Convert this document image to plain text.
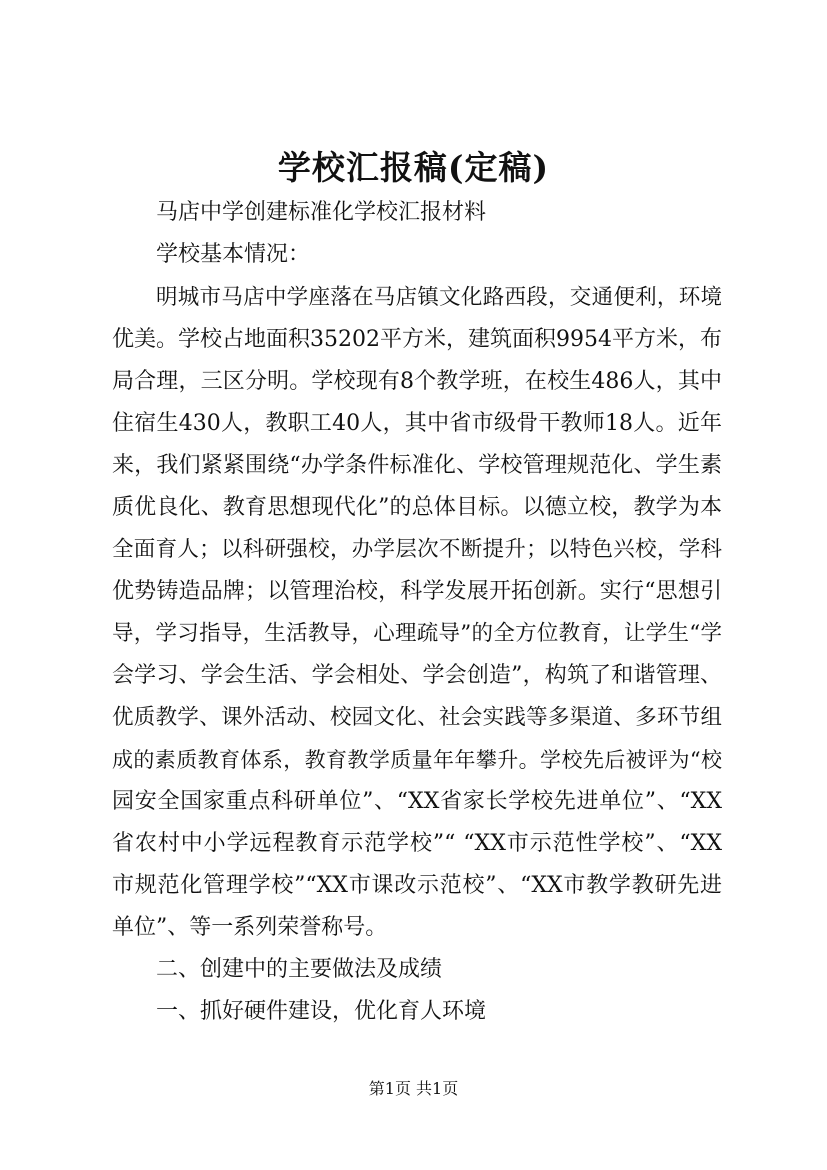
学校汇报稿(定稿)
马店中学创建标准化学校汇报材料
学校基本情况：
明城市马店中学座落在马店镇文化路西段，交通便利，环境
优美。学校占地面积35202平方米，建筑面积9954平方米，布
局合理，三区分明。学校现有8个教学班，在校生486人，其中
住宿生430人，教职工40人，其中省市级骨干教师18人。近年
来，我们紧紧围绕“办学条件标准化、学校管理规范化、学生素
质优良化、教育思想现代化”的总体目标。以德立校，教学为本
全面育人；以科研强校，办学层次不断提升；以特色兴校，学科
优势铸造品牌；以管理治校，科学发展开拓创新。实行“思想引
导，学习指导，生活教导，心理疏导”的全方位教育，让学生“学
会学习、学会生活、学会相处、学会创造”，构筑了和谐管理、
优质教学、课外活动、校园文化、社会实践等多渠道、多环节组
成的素质教育体系，教育教学质量年年攀升。学校先后被评为“校
园安全国家重点科研单位”、“XX省家长学校先进单位”、“XX
省农村中小学远程教育示范学校”“ “XX市示范性学校”、“XX
市规范化管理学校”“XX市课改示范校”、“XX市教学教研先进
单位”、等一系列荣誉称号。
二、创建中的主要做法及成绩
一、抓好硬件建设，优化育人环境
第1页 共1页
